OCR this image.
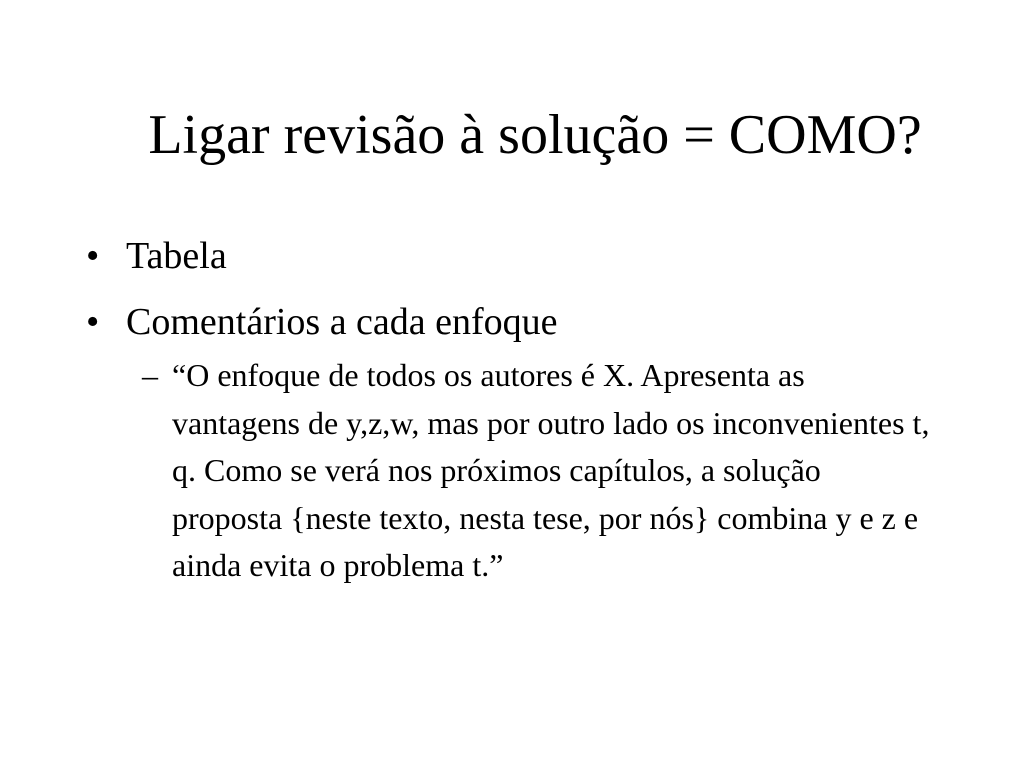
Ligar revisão à solução = COMO?
• Tabela
• Comentários a cada enfoque
– “O enfoque de todos os autores é X. Apresenta as vantagens de y,z,w, mas por outro lado os inconvenientes t, q. Como se verá nos próximos capítulos, a solução proposta {neste texto, nesta tese, por nós} combina y e z e ainda evita o problema t.”
